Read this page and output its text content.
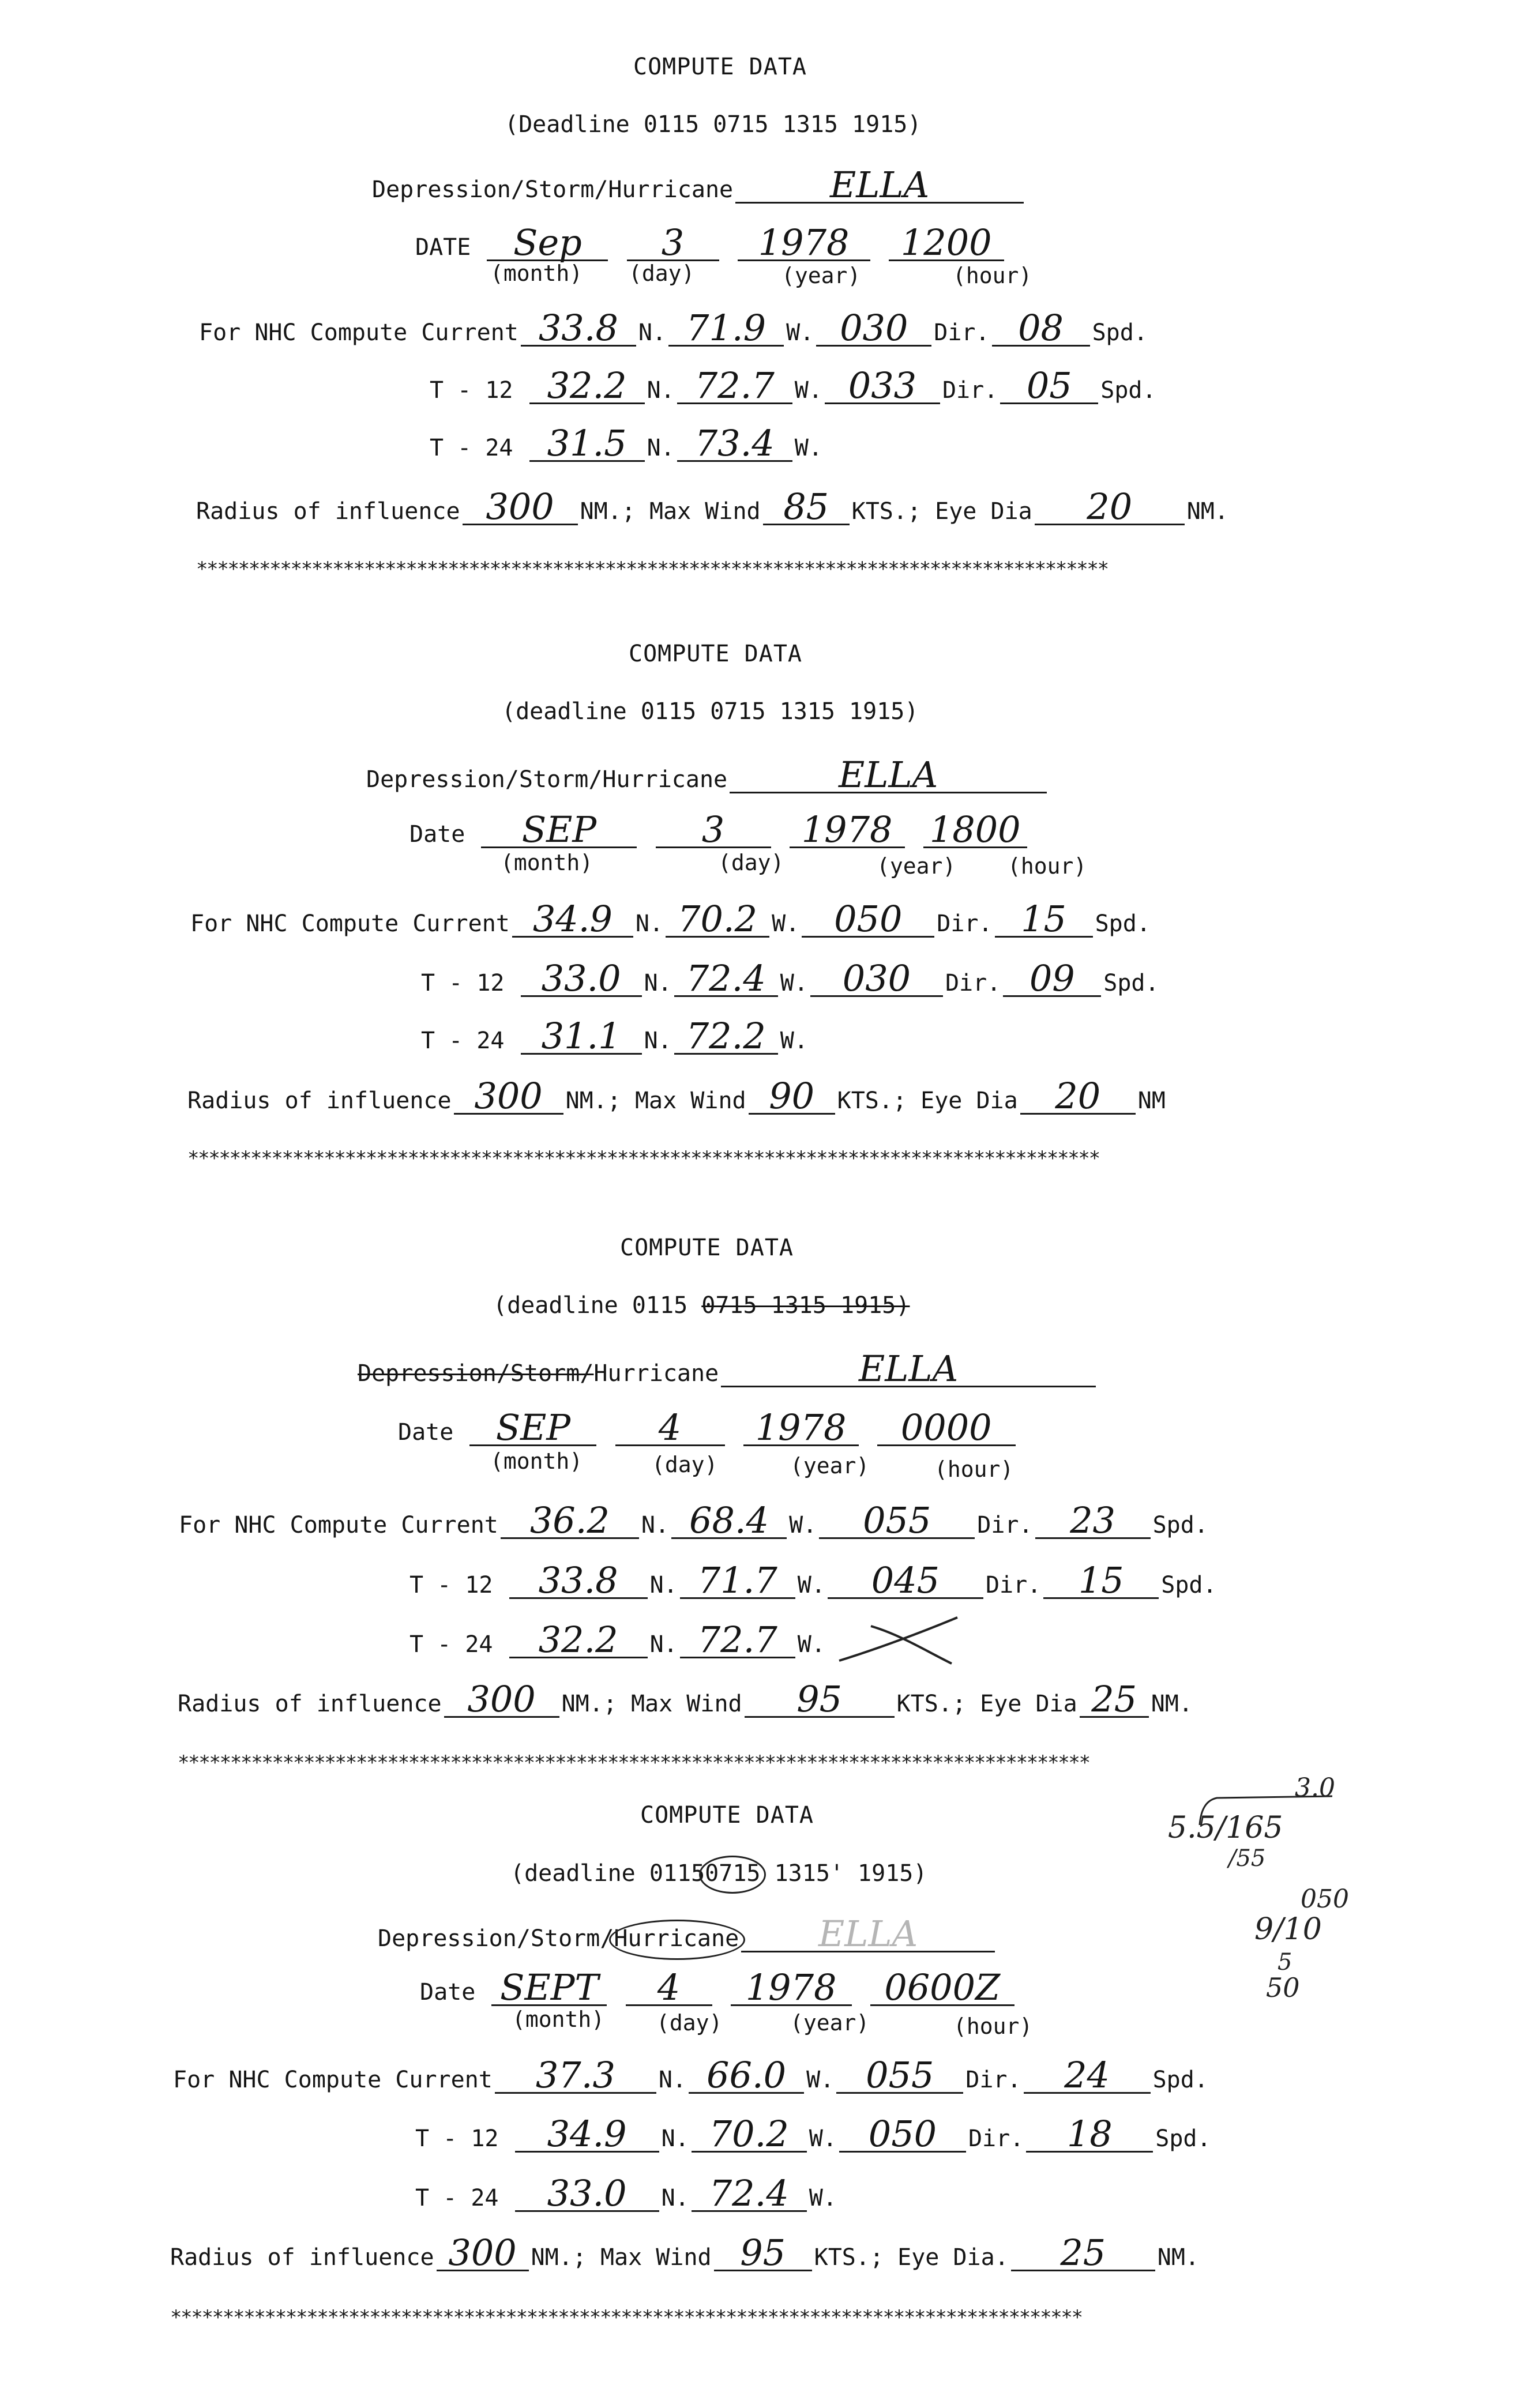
COMPUTE DATA
(Deadline 0115 0715 1315 1915)
Depression/Storm/Hurricane	ELLA
DATE Sep 3 1978 1200
(month) (day)	(year)	(hour)
For NHC Compute Current 33.8 N. 71.9 W. 030 Dir. 08 Spd.
T - 12 32.2 N. 72.7 W. 033 Dir. 05 Spd.
T - 24 31.5 N. 73.4 W.
Radius of influence 300 NM.; Max Wind 85 KTS.; Eye Dia 20 NM.
***************************************************************************************
COMPUTE DATA
(deadline 0115 0715 1315 1915)
Depression/Storm/Hurricane	ELLA
Date SEP	3 1978 1800
(month)	(day)	(year) (hour)
For NHC Compute Current 34.9 N. 70.2 W. 050 Dir. 15 Spd.
T - 12 33.0 N. 72.4 W. 030 Dir. 09 Spd.
T - 24 31.1 N. 72.2 W.
Radius of influence 300 NM.; Max Wind 90 KTS.; Eye Dia 20 NM
***************************************************************************************
COMPUTE DATA
(deadline 0115 0715 1315 1915)
Depression/Storm/Hurricane	ELLA
Date SEP 4 1978 0000
(month)	(day)	(year)	(hour)
For NHC Compute Current 36.2 N. 68.4 W. 055 Dir. 23 Spd.
T - 12 33.8 N. 71.7 W. 045 Dir. 15 Spd.
T - 24 32.2 N. 72.7 W.
Radius of influence 300 NM.; Max Wind 95 KTS.; Eye Dia 25 NM.
***************************************************************************************
COMPUTE DATA
(deadline 01150715
1315' 1915)
Depression/Storm/Hurricane ELLA
Date SEPT 4 1978 0600Z
(month) (day)	(year)	(hour)
For NHC Compute Current 37.3 N. 66.0 W. 055 Dir. 24 Spd.
T - 12 34.9 N. 70.2 W. 050 Dir. 18 Spd.
T - 24 33.0 N. 72.4 W.
Radius of influence 300 NM.; Max Wind 95 KTS.; Eye Dia. 25 NM.
***************************************************************************************
3.0
5.5/165
/55
050
9/10
5
50
